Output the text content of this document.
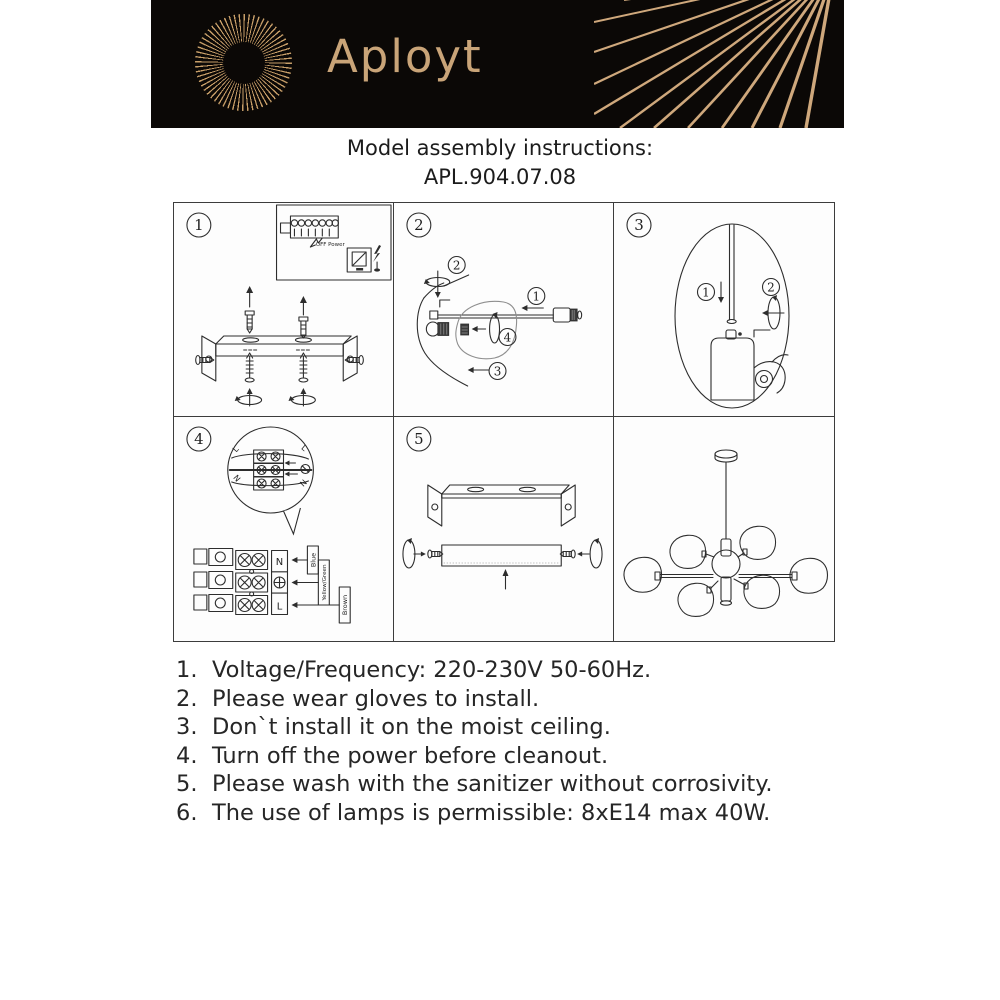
Aployt
Model assembly instructions:
APL.904.07.08
1
OFF Power
2
2
1
4
3
3
1	2
4
L	L
N	N
N
L
Blue
Yellow/Green
Brown
5
1. Voltage/Frequency: 220-230V 50-60Hz.
2. Please wear gloves to install.
3. Don`t install it on the moist ceiling.
4. Turn off the power before cleanout.
5. Please wash with the sanitizer without corrosivity.
6. The use of lamps is permissible: 8xE14 max 40W.
